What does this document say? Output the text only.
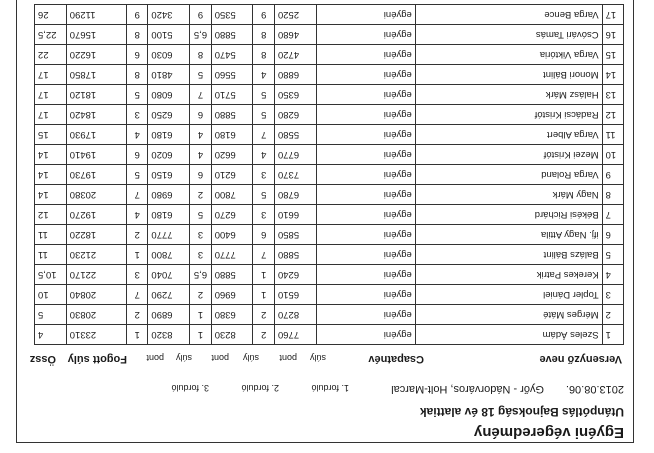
Egyéni végeredmény
Utánpótlás Bajnokság 18 év alattiak
2013.08.06.
Győr - Nádorváros, Holt-Marcal
1. forduló
2. forduló
3. forduló
Versenyző neve
Csapatnév
súly
pont
súly
pont
súly
pont
Fogott súly
Össz
1	Szeles Ádám	egyéni	7760	2	8230	1	8320	1	23310	4
2	Mérges Máté	egyéni	8270	2	6380	1	6890	2	20830	5
3	Topler Dániel	egyéni	6510	1	6960	2	7290	7	20840	10
4	Kerekes Patrik	egyéni	6240	1	5880	6,5	7040	3	22170	10,5
5	Balázs Bálint	egyéni	5880	7	7770	3	7800	1	21230	11
6	ifj. Nagy Attila	egyéni	5850	6	6400	3	7770	2	18220	11
7	Békési Richárd	egyéni	6610	3	6270	5	6180	4	19270	12
8	Nagy Márk	egyéni	6780	5	7800	2	6980	7	20380	14
9	Varga Roland	egyéni	7370	3	6210	6	6150	5	19730	14
10	Mezei Kristóf	egyéni	6770	4	6620	4	6020	6	19410	14
11	Varga Albert	egyéni	5580	7	6180	4	6180	4	17930	15
12	Radácsi Kristóf	egyéni	6280	5	5880	6	6250	3	18420	17
13	Halász Márk	egyéni	6350	5	5710	7	6080	5	18120	17
14	Monori Bálint	egyéni	6880	4	5560	5	4810	8	17850	17
15	Varga Viktória	egyéni	4720	8	5470	8	6030	6	16220	22
16	Csóvári Tamás	egyéni	4680	8	5880	6,5	5100	8	15670	22,5
17	Varga Bence	egyéni	2520	9	5350	9	3420	9	11290	26
